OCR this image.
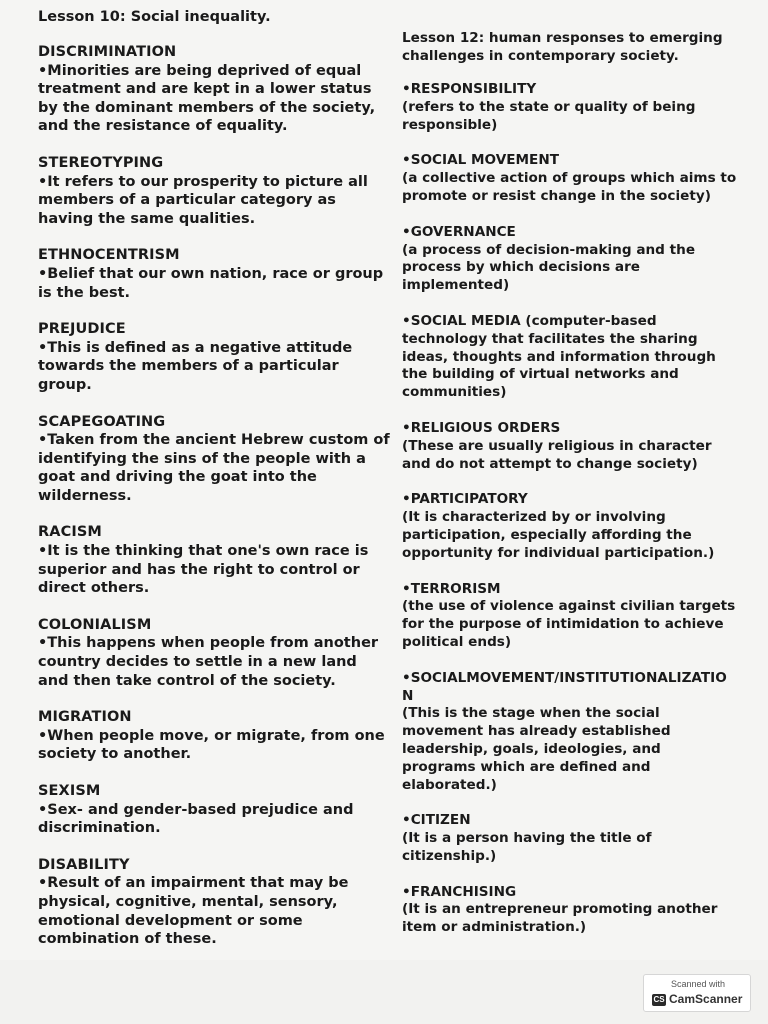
Lesson 10: Social inequality.

DISCRIMINATION

•Minorities are being deprived of equal treatment and are kept in a lower status by the dominant members of the society, and the resistance of equality.

STEREOTYPING

•It refers to our prosperity to picture all members of a particular category as having the same qualities.

ETHNOCENTRISM

•Belief that our own nation, race or group is the best.

PREJUDICE

•This is defined as a negative attitude towards the members of a particular group.

SCAPEGOATING

•Taken from the ancient Hebrew custom of identifying the sins of the people with a goat and driving the goat into the wilderness.

RACISM

•It is the thinking that one's own race is superior and has the right to control or direct others.

COLONIALISM

•This happens when people from another country decides to settle in a new land and then take control of the society.

MIGRATION

•When people move, or migrate, from one society to another.

SEXISM

•Sex- and gender-based prejudice and discrimination.

DISABILITY

•Result of an impairment that may be physical, cognitive, mental, sensory, emotional development or some combination of these.

Lesson 12: human responses to emerging challenges in contemporary society.

•RESPONSIBILITY

(refers to the state or quality of being responsible)

•SOCIAL MOVEMENT

(a collective action of groups which aims to promote or resist change in the society)

•GOVERNANCE

(a process of decision-making and the process by which decisions are implemented)

•SOCIAL MEDIA (computer-based technology that facilitates the sharing ideas, thoughts and information through the building of virtual networks and communities)

•RELIGIOUS ORDERS

(These are usually religious in character and do not attempt to change society)

•PARTICIPATORY

(It is characterized by or involving participation, especially affording the opportunity for individual participation.)

•TERRORISM

(the use of violence against civilian targets for the purpose of intimidation to achieve political ends)

•SOCIALMOVEMENT/INSTITUTIONALIZATIO N

(This is the stage when the social movement has already established leadership, goals, ideologies, and programs which are defined and elaborated.)

•CITIZEN

(It is a person having the title of citizenship.)

•FRANCHISING

(It is an entrepreneur promoting another item or administration.)

Scanned with
CS CamScanner
